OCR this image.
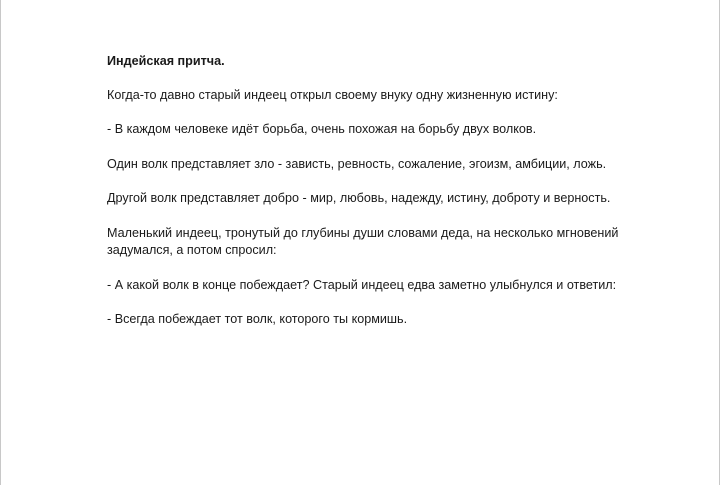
Индейская притча.
Когда-то давно старый индеец открыл своему внуку одну жизненную истину:
- В каждом человеке идёт борьба, очень похожая на борьбу двух волков.
Один волк представляет зло - зависть, ревность, сожаление, эгоизм, амбиции, ложь.
Другой волк представляет добро - мир, любовь, надежду, истину, доброту и верность.
Маленький индеец, тронутый до глубины души словами деда, на несколько мгновений задумался, а потом спросил:
- А какой волк в конце побеждает? Старый индеец едва заметно улыбнулся и ответил:
- Всегда побеждает тот волк, которого ты кормишь.
